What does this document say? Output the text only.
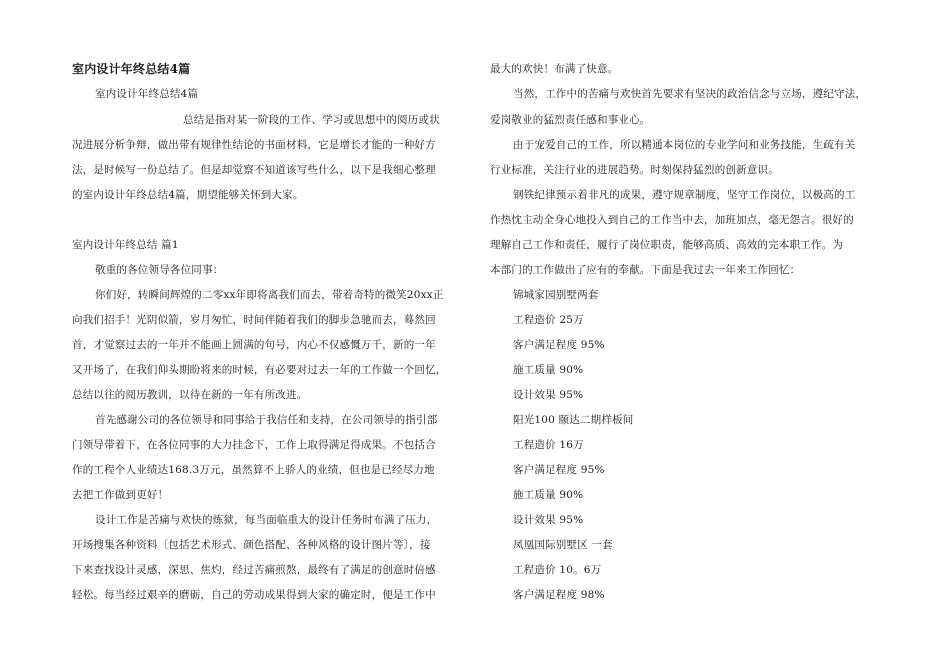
室内设计年终总结4篇
室内设计年终总结4篇
总结是指对某一阶段的工作、学习或思想中的阅历或状
况进展分析争辩，做出带有规律性结论的书面材料，它是增长才能的一种好方
法，是时候写一份总结了。但是却觉察不知道该写些什么，以下是我细心整理
的室内设计年终总结4篇，期望能够关怀到大家。
室内设计年终总结 篇1
敬重的各位领导各位同事：
你们好，转瞬间辉煌的二零xx年即将离我们而去，带着奇特的微笑20xx正
向我们招手！光阴似箭，岁月匆忙，时间伴随着我们的脚步急驰而去，蓦然回
首，才觉察过去的一年并不能画上圆满的句号，内心不仅感慨万千，新的一年
又开场了，在我们仰头期盼将来的时候，有必要对过去一年的工作做一个回忆，
总结以往的阅历教训，以待在新的一年有所改进。
首先感谢公司的各位领导和同事给于我信任和支持，在公司领导的指引部
门领导带着下，在各位同事的大力挂念下，工作上取得满足得成果。不包括合
作的工程个人业绩达168.3万元，虽然算不上骄人的业绩，但也是已经尽力地
去把工作做到更好！
设计工作是苦痛与欢快的炼狱，每当面临重大的设计任务时布满了压力，
开场搜集各种资料〔包括艺术形式、颜色搭配、各种风格的设计图片等〕，接
下来查找设计灵感，深思、焦灼，经过苦痛煎熬，最终有了满足的创意时倍感
轻松。每当经过艰辛的磨砺，自己的劳动成果得到大家的确定时，便是工作中
最大的欢快！布满了快意。
当然，工作中的苦痛与欢快首先要求有坚决的政治信念与立场，遵纪守法，
爱岗敬业的猛烈责任感和事业心。
由于宠爱自己的工作，所以精通本岗位的专业学问和业务技能，生疏有关
行业标准，关注行业的进展趋势。时刻保持猛烈的创新意识。
钢铁纪律预示着非凡的成果，遵守规章制度，坚守工作岗位，以极高的工
作热忱主动全身心地投入到自己的工作当中去，加班加点，毫无怨言。很好的
理解自己工作和责任，履行了岗位职责，能够高质、高效的完本职工作。为
本部门的工作做出了应有的奉献。下面是我过去一年来工作回忆：
锦城家园别墅两套
工程造价 25万
客户满足程度 95%
施工质量 90%
设计效果 95%
阳光100 颐达二期样板间
工程造价 16万
客户满足程度 95%
施工质量 90%
设计效果 95%
凤凰国际别墅区 一套
工程造价 10。6万
客户满足程度 98%
